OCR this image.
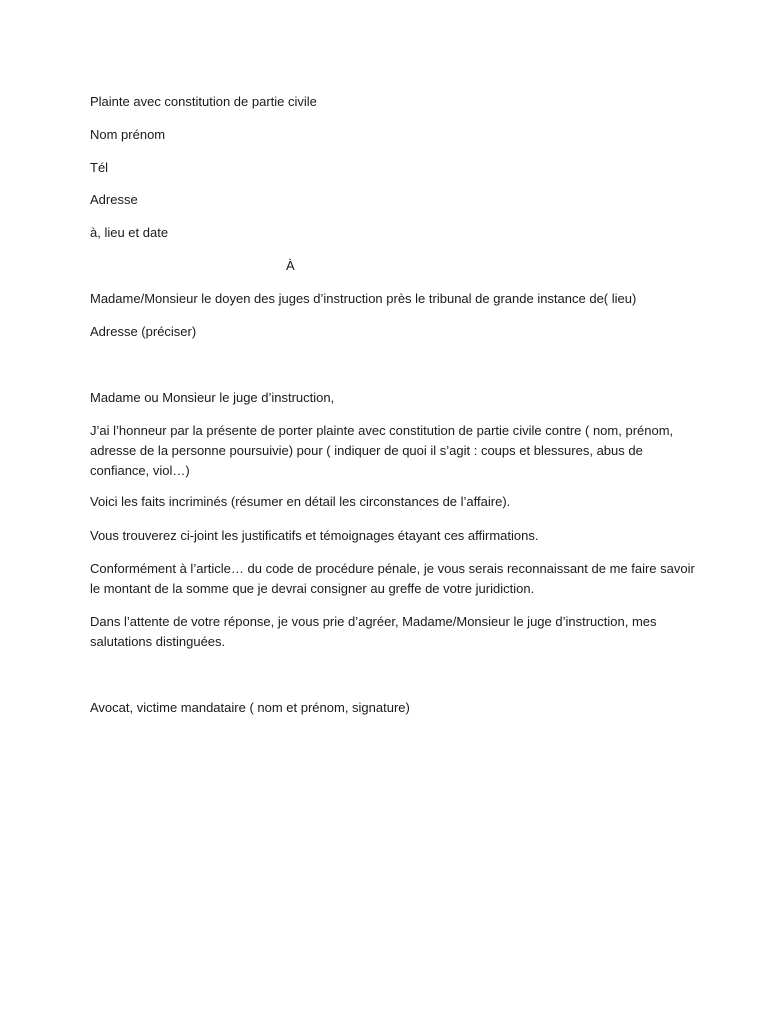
Plainte avec constitution de partie civile
Nom prénom
Tél
Adresse
à, lieu et date
À
Madame/Monsieur le doyen des juges d’instruction près le tribunal de grande instance de( lieu)
Adresse (préciser)
Madame ou Monsieur le juge d’instruction,
J’ai l’honneur par la présente de porter plainte avec constitution de partie civile contre ( nom, prénom,
adresse de la personne poursuivie) pour ( indiquer de quoi il s’agit : coups et blessures, abus de
confiance, viol…)
Voici les faits incriminés (résumer en détail les circonstances de l’affaire).
Vous trouverez ci-joint les justificatifs et témoignages étayant ces affirmations.
Conformément à l’article… du code de procédure pénale, je vous serais reconnaissant de me faire savoir
le montant de la somme que je devrai consigner au greffe de votre juridiction.
Dans l’attente de votre réponse, je vous prie d’agréer, Madame/Monsieur le juge d’instruction, mes
salutations distinguées.
Avocat, victime mandataire ( nom et prénom, signature)
